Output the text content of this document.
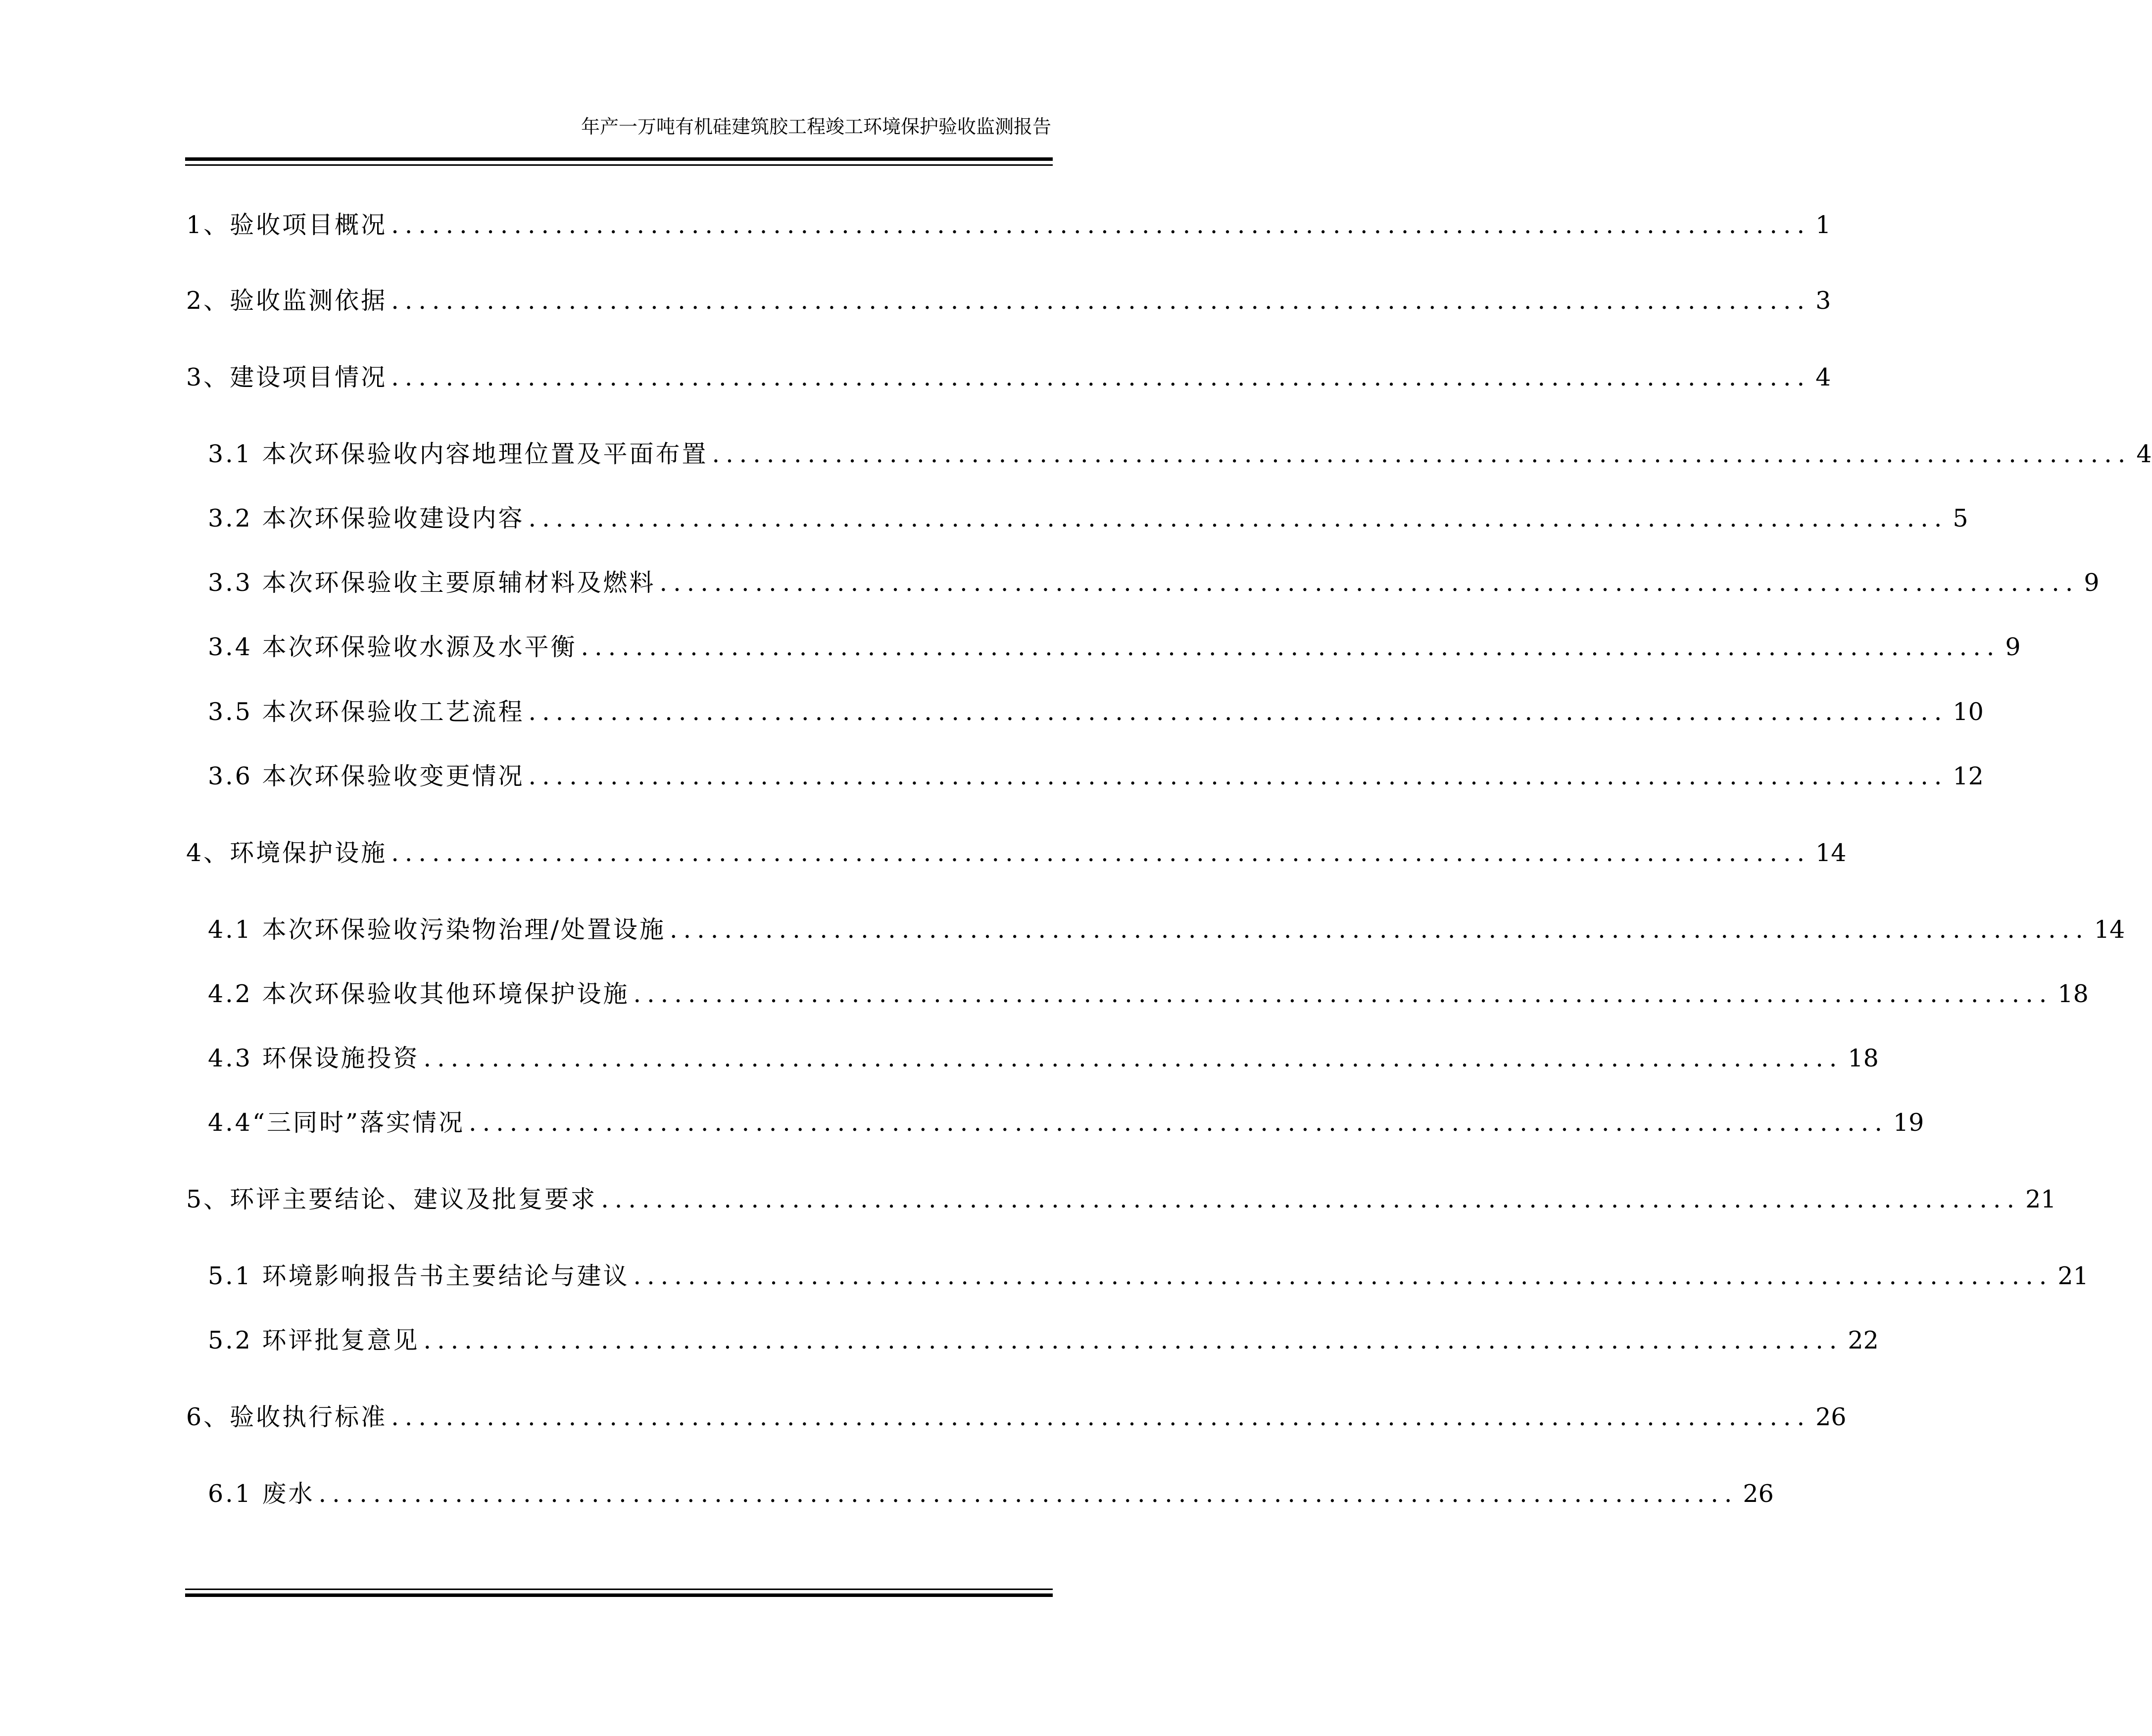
年产一万吨有机硅建筑胶工程竣工环境保护验收监测报告
1、验收项目概况 ........................................................................................................ 1
2、验收监测依据 ........................................................................................................ 3
3、建设项目情况 ........................................................................................................ 4
3.1 本次环保验收内容地理位置及平面布置 ........................................................................................................ 4
3.2 本次环保验收建设内容 ........................................................................................................ 5
3.3 本次环保验收主要原辅材料及燃料 ........................................................................................................ 9
3.4 本次环保验收水源及水平衡 ........................................................................................................ 9
3.5 本次环保验收工艺流程 ........................................................................................................ 10
3.6 本次环保验收变更情况 ........................................................................................................ 12
4、环境保护设施 ........................................................................................................ 14
4.1 本次环保验收污染物治理/处置设施 ........................................................................................................ 14
4.2 本次环保验收其他环境保护设施 ........................................................................................................ 18
4.3 环保设施投资 ........................................................................................................ 18
4.4“三同时”落实情况 ........................................................................................................ 19
5、环评主要结论、建议及批复要求 ........................................................................................................ 21
5.1 环境影响报告书主要结论与建议 ........................................................................................................ 21
5.2 环评批复意见 ........................................................................................................ 22
6、验收执行标准 ........................................................................................................ 26
6.1 废水 ........................................................................................................ 26
